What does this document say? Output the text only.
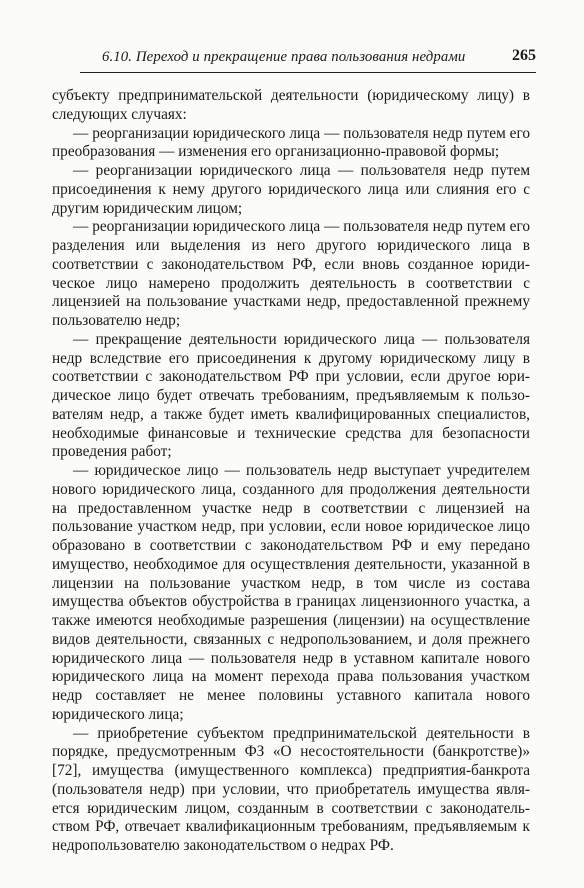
6.10. Переход и прекращение права пользования недрами	265

субъекту предпринимательской деятельности (юридическому лицу) в следующих случаях:

— реорганизации юридического лица — пользователя недр путем его преобразования — изменения его организационно-правовой формы;

— реорганизации юридического лица — пользователя недр путем присоединения к нему другого юридического лица или слияния его с другим юридическим лицом;

— реорганизации юридического лица — пользователя недр путем его разделения или выделения из него другого юридического лица в соответствии с законодательством РФ, если вновь созданное юридическое лицо намерено продолжить деятельность в соответствии с лицензией на пользование участками недр, предоставленной прежнему пользователю недр;

— прекращение деятельности юридического лица — пользователя недр вследствие его присоединения к другому юридическому лицу в соответствии с законодательством РФ при условии, если другое юридическое лицо будет отвечать требованиям, предъявляемым к пользователям недр, а также будет иметь квалифицированных специалистов, необходимые финансовые и технические средства для безопасности проведения работ;

— юридическое лицо — пользователь недр выступает учредителем нового юридического лица, созданного для продолжения деятельности на предоставленном участке недр в соответствии с лицензией на пользование участком недр, при условии, если новое юридическое лицо образовано в соответствии с законодательством РФ и ему передано имущество, необходимое для осуществления деятельности, указанной в лицензии на пользование участком недр, в том числе из состава имущества объектов обустройства в границах лицензионного участка, а также имеются необходимые разрешения (лицензии) на осуществление видов деятельности, связанных с недропользованием, и доля прежнего юридического лица — пользователя недр в уставном капитале нового юридического лица на момент перехода права пользования участком недр составляет не менее половины уставного капитала нового юридического лица;

— приобретение субъектом предпринимательской деятельности в порядке, предусмотренным ФЗ «О несостоятельности (банкротстве)» [72], имущества (имущественного комплекса) предприятия-банкрота (пользователя недр) при условии, что приобретатель имущества является юридическим лицом, созданным в соответствии с законодательством РФ, отвечает квалификационным требованиям, предъявляемым к недропользователю законодательством о недрах РФ.
